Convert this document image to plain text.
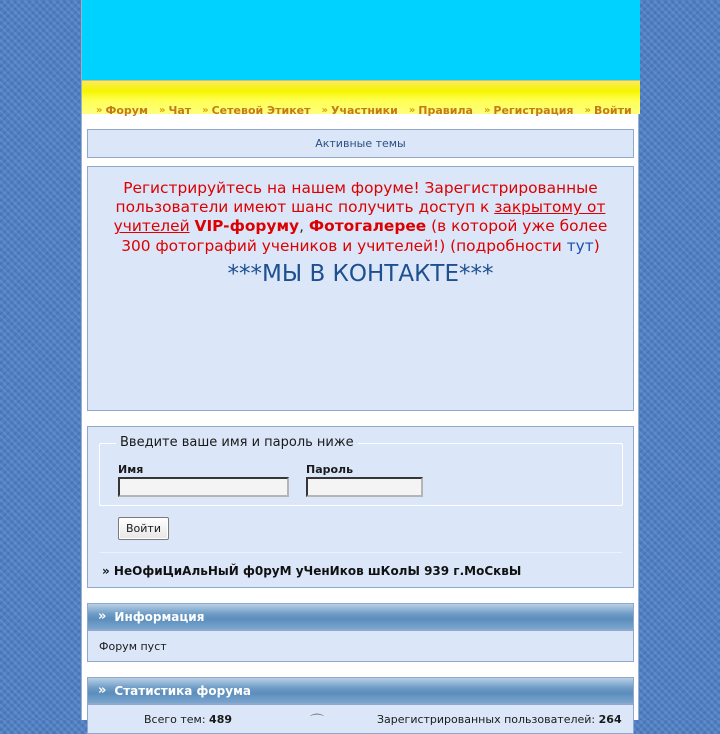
» Форум » Чат » Сетевой Этикет » Участники » Правила » Регистрация » Войти
Активные темы
Регистрируйтесь на нашем форуме! Зарегистрированные пользователи имеют шанс получить доступ к закрытому от учителей VIP-форуму, Фотогалерее (в которой уже более 300 фотографий учеников и учителей!) (подробности тут)
***МЫ В КОНТАКТЕ***
Введите ваше имя и пароль ниже
Имя	Пароль
Войти
» НеОфиЦиАльНыЙ ф0руМ уЧенИков шКолЫ 939 г.МоСквЫ
» Информация
Форум пуст
» Статистика форума
Всего тем: 489	⌒	Зарегистрированных пользователей: 264
